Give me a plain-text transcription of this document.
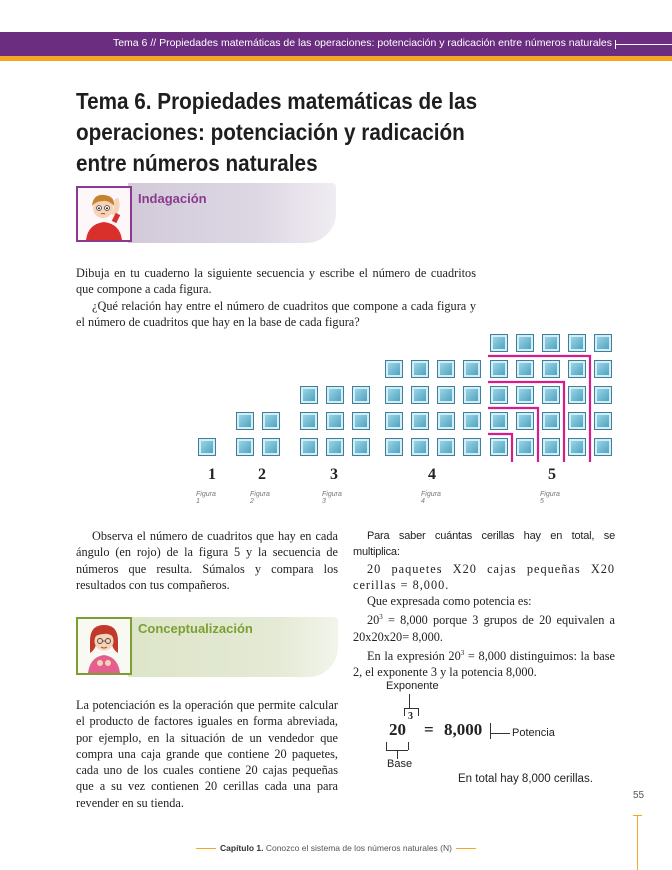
Tema 6 // Propiedades matemáticas de las operaciones: potenciación y radicación entre números naturales
Tema 6. Propiedades matemáticas de las
operaciones: potenciación y radicación
entre números naturales
Indagación

Dibuja en tu cuaderno la siguiente secuencia y escribe el número de cuadritos que compone a cada figura.

¿Qué relación hay entre el número de cuadritos que compone a cada figura y el número de cuadritos que hay en la base de cada figura?

1
Figura 1
2
Figura 2
3
Figura 3
4
Figura 4
5
Figura 5

Observa el número de cuadritos que hay en cada ángulo (en rojo) de la figura 5 y la secuencia de números que resulta. Súmalos y compara los resultados con tus compañeros.

Conceptualización

La potenciación es la operación que permite calcular el producto de factores iguales en forma abreviada, por ejemplo, en la situación de un vendedor que compra una caja grande que contiene 20 paquetes, cada uno de los cuales contiene 20 cajas pequeñas que a su vez contienen 20 cerillas cada una para revender en su tienda.

Para saber cuántas cerillas hay en total, se multiplica:

20 paquetes X20 cajas pequeñas X20 cerillas = 8,000.

Que expresada como potencia es:

$20^3 = 8,000$ porque 3 grupos de 20 equivalen a 20x20x20= 8,000.

En la expresión $20^3 = 8,000$ distinguimos: la base 2, el exponente 3 y la potencia 8,000.

Exponente
3
20 = 8,000	Potencia
Base
En total hay 8,000 cerillas.
55
Capítulo 1. Conozco el sistema de los números naturales (N)
